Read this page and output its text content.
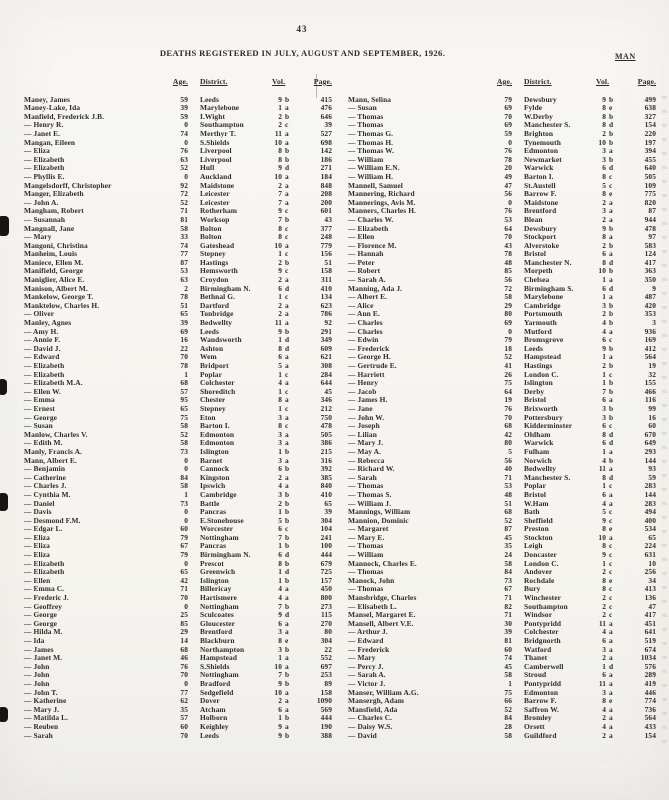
43
DEATHS REGISTERED IN JULY, AUGUST AND SEPTEMBER, 1926.	MAN
Age.	District.	Vol.	Page.
Maney, James	59	Leeds	9 b	415
Maney-Lake, Ida	39	Marylebone	1 a	476
Manfield, Frederick J.B.	59	I.Wight	2 b	646
— Henry R.	0	Southampton	2 c	39
— Janet E.	74	Merthyr T.	11 a	527
Mangan, Eileen	0	S.Shields	10 a	698
— Eliza	76	Liverpool	8 b	142
— Elizabeth	63	Liverpool	8 b	186
— Elizabeth	52	Hull	9 d	271
— Phyllis E.	0	Auckland	10 a	184
Mangelsdorff, Christopher	92	Maidstone	2 a	848
Manger, Elizabeth	72	Leicester	7 a	208
— John A.	52	Leicester	7 a	200
Mangham, Robert	71	Rotherham	9 c	601
— Susannah	81	Worksop	7 b	43
Mangnall, Jane	58	Bolton	8 c	377
— Mary	33	Bolton	8 c	248
Mangoni, Christina	74	Gateshead	10 a	779
Manheim, Louis	77	Stepney	1 c	156
Maniece, Ellen M.	87	Hastings	2 b	51
Manifield, George	53	Hemsworth	9 c	158
Maniglier, Alice E.	63	Croydon	2 a	311
Manison, Albert M.	2	Birmingham N.	6 d	410
Mankelow, George T.	78	Bethnal G.	1 c	134
Manktelow, Charles H.	51	Dartford	2 a	623
— Oliver	65	Tonbridge	2 a	786
Manley, Agnes	39	Bedwellty	11 a	92
— Amy H.	69	Leeds	9 b	291
— Annie F.	16	Wandsworth	1 d	349
— David J.	22	Ashton	8 d	609
— Edward	70	Wem	6 a	621
— Elizabeth	78	Bridport	5 a	308
— Elizabeth	1	Poplar	1 c	284
— Elizabeth M.A.	68	Colchester	4 a	644
— Ellen W.	57	Shoreditch	1 c	45
— Emma	95	Chester	8 a	346
— Ernest	65	Stepney	1 c	212
— George	75	Eton	3 a	750
— Susan	58	Barton I.	8 c	478
Manlow, Charles V.	52	Edmonton	3 a	505
— Edith M.	58	Edmonton	3 a	386
Manly, Francis A.	73	Islington	1 b	215
Mann, Albert E.	0	Barnet	3 a	316
— Benjamin	0	Cannock	6 b	392
— Catherine	84	Kingston	2 a	385
— Charles J.	58	Ipswich	4 a	840
— Cynthia M.	1	Cambridge	3 b	410
— Daniel	73	Battle	2 b	65
— Davis	0	Pancras	1 b	39
— Desmond F.M.	0	E.Stonehouse	5 b	304
— Edgar L.	60	Worcester	6 c	104
— Eliza	79	Nottingham	7 b	241
— Eliza	67	Pancras	1 b	100
— Eliza	79	Birmingham N.	6 d	444
— Elizabeth	0	Prescot	8 b	679
— Elizabeth	65	Greenwich	1 d	725
— Ellen	42	Islington	1 b	157
— Emma C.	71	Billericay	4 a	450
— Frederic J.	70	Hartismere	4 a	800
— Geoffrey	0	Nottingham	7 b	273
— George	25	Sculcoates	9 d	115
— George	85	Gloucester	6 a	270
— Hilda M.	29	Brentford	3 a	80
— Ida	14	Blackburn	8 e	304
— James	68	Northampton	3 b	22
— Janet M.	46	Hampstead	1 a	552
— John	76	S.Shields	10 a	697
— John	70	Nottingham	7 b	253
— John	0	Bradford	9 b	89
— John T.	77	Sedgefield	10 a	158
— Katherine	62	Dover	2 a	1090
— Mary J.	35	Atcham	6 a	569
— Matilda L.	57	Holborn	1 b	444
— Reuben	60	Keighley	9 a	190
— Sarah	70	Leeds	9 b	388
Age.	District.	Vol.	Page.
Mann, Selina	79	Dewsbury	9 b	499
— Susan	69	Fylde	8 e	638
— Thomas	70	W.Derby	8 b	327
— Thomas	69	Manchester S.	8 d	154
— Thomas G.	59	Brighton	2 b	220
— Thomas H.	0	Tynemouth	10 b	197
— Thomas W.	76	Edmonton	3 a	394
— William	78	Newmarket	3 b	455
— William E.N.	20	Warwick	6 d	640
— William H.	49	Barton I.	8 c	505
Mannell, Samuel	47	St.Austell	5 c	109
Mannering, Richard	56	Barrow F.	8 e	775
Mannerings, Avis M.	0	Maidstone	2 a	820
Manners, Charles H.	76	Brentford	3 a	87
— Charles W.	53	Blean	2 a	944
— Elizabeth	64	Dewsbury	9 b	478
— Ellen	70	Stockport	8 a	97
— Florence M.	43	Alverstoke	2 b	583
— Hannah	78	Bristol	6 a	124
— Peter	48	Manchester N.	8 d	417
— Robert	85	Morpeth	10 b	363
— Sarah A.	56	Chelsea	1 a	350
Manning, Ada J.	72	Birmingham S.	6 d	9
— Albert E.	58	Marylebone	1 a	487
— Alice	29	Cambridge	3 b	420
— Ann E.	80	Portsmouth	2 b	353
— Charles	69	Yarmouth	4 b	3
— Charles	0	Mutford	4 a	936
— Edwin	79	Bromsgrove	6 c	169
— Frederick	18	Leeds	9 b	412
— George H.	52	Hampstead	1 a	564
— Gertrude E.	41	Hastings	2 b	19
— Harriett	26	London C.	1 c	32
— Henry	75	Islington	1 b	155
— Jacob	64	Derby	7 b	466
— James H.	19	Bristol	6 a	116
— Jane	76	Brixworth	3 b	99
— John W.	70	Pottersbury	3 b	16
— Joseph	68	Kidderminster	6 c	60
— Lilian	42	Oldham	8 d	670
— Mary J.	80	Warwick	6 d	649
— May A.	5	Fulham	1 a	293
— Rebecca	56	Norwich	4 b	144
— Richard W.	40	Bedwellty	11 a	93
— Sarah	71	Manchester S.	8 d	59
— Thomas	53	Poplar	1 c	283
— Thomas S.	48	Bristol	6 a	144
— William J.	51	W.Ham	4 a	283
Mannings, William	68	Bath	5 c	494
Mannion, Dominic	52	Sheffield	9 c	400
— Margaret	87	Preston	8 e	534
— Mary E.	45	Stockton	10 a	65
— Thomas	35	Leigh	8 c	224
— William	24	Doncaster	9 c	631
Mannock, Charles E.	58	London C.	1 c	10
— Thomas	84	Andover	2 c	256
Manock, John	73	Rochdale	8 e	34
— Thomas	67	Bury	8 c	413
Mansbridge, Charles	71	Winchester	2 c	136
— Elisabeth L.	82	Southampton	2 c	47
Mansel, Margaret E.	71	Windsor	2 c	417
Mansell, Albert V.E.	30	Pontypridd	11 a	451
— Arthur J.	39	Colchester	4 a	641
— Edward	81	Bridgnorth	6 a	519
— Frederick	60	Watford	3 a	674
— Mary	74	Thanet	2 a	1034
— Percy J.	45	Camberwell	1 d	576
— Sarah A.	58	Stroud	6 a	289
— Victor J.	1	Pontypridd	11 a	419
Manser, William A.G.	75	Edmonton	3 a	446
Mansergh, Adam	66	Barrow F.	8 e	774
Mansfield, Ada	52	Saffron W.	4 a	736
— Charles C.	84	Bromley	2 a	564
— Daisy W.S.	28	Orsett	4 a	433
— David	58	Guildford	2 a	154
